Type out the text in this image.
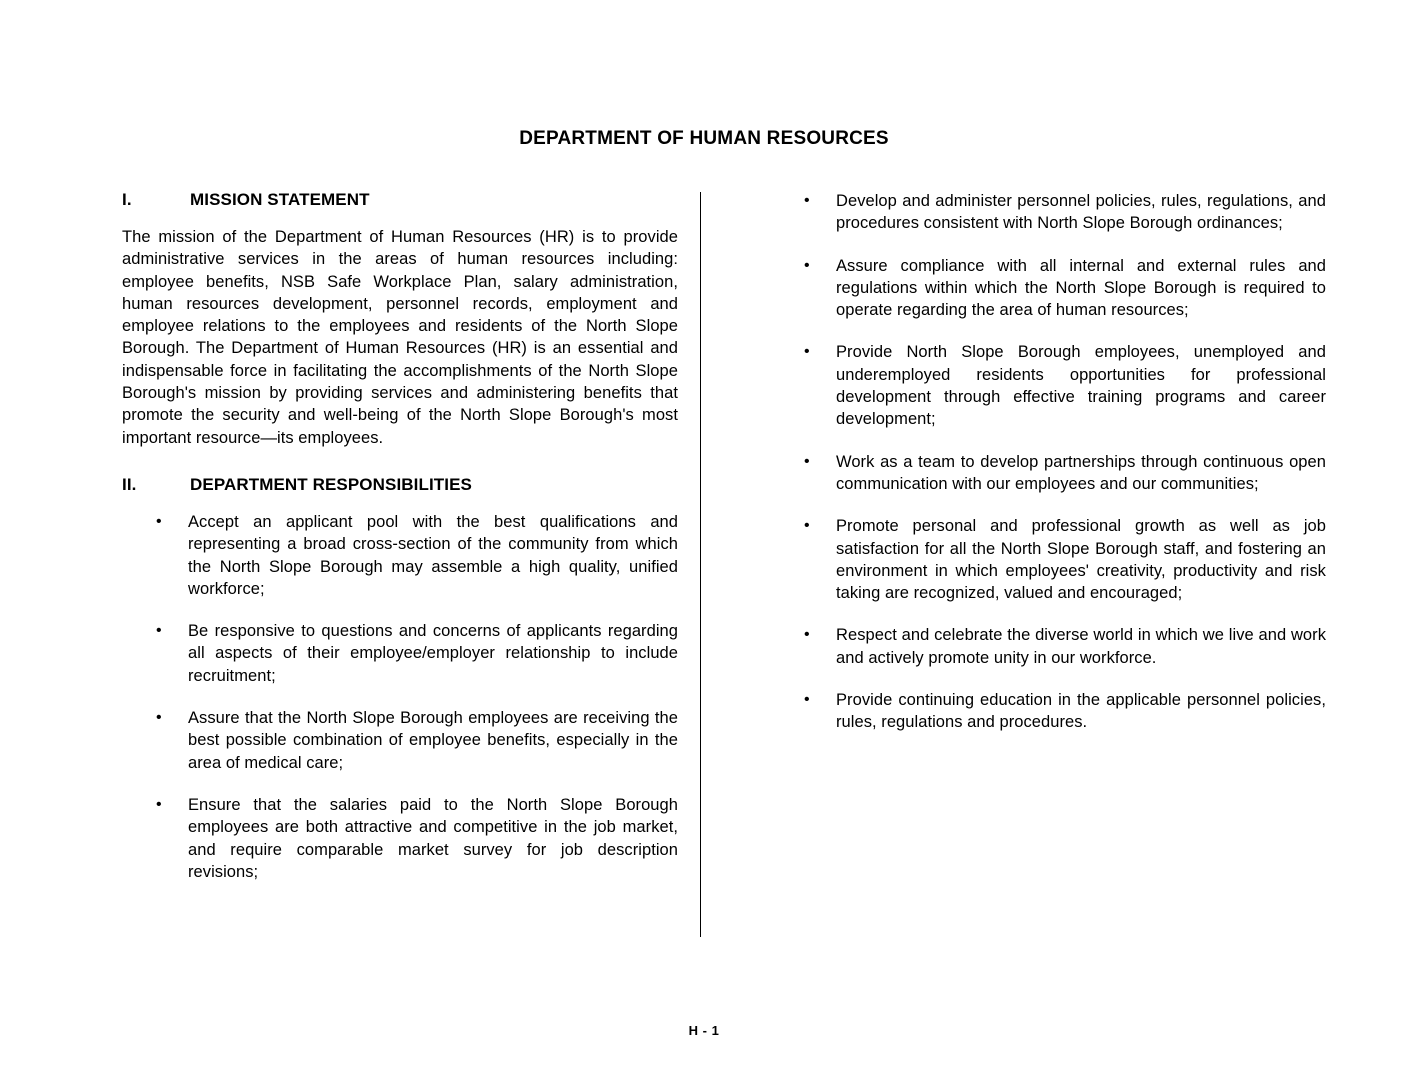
DEPARTMENT OF HUMAN RESOURCES
I.	MISSION STATEMENT

The mission of the Department of Human Resources (HR) is to provide administrative services in the areas of human resources including: employee benefits, NSB Safe Workplace Plan, salary administration, human resources development, personnel records, employment and employee relations to the employees and residents of the North Slope Borough. The Department of Human Resources (HR) is an essential and indispensable force in facilitating the accomplishments of the North Slope Borough's mission by providing services and administering benefits that promote the security and well-being of the North Slope Borough's most important resource—its employees.

II.	DEPARTMENT RESPONSIBILITIES
• Accept an applicant pool with the best qualifications and representing a broad cross-section of the community from which the North Slope Borough may assemble a high quality, unified workforce;
• Be responsive to questions and concerns of applicants regarding all aspects of their employee/employer relationship to include recruitment;
• Assure that the North Slope Borough employees are receiving the best possible combination of employee benefits, especially in the area of medical care;
• Ensure that the salaries paid to the North Slope Borough employees are both attractive and competitive in the job market, and require comparable market survey for job description revisions;
• Develop and administer personnel policies, rules, regulations, and procedures consistent with North Slope Borough ordinances;
• Assure compliance with all internal and external rules and regulations within which the North Slope Borough is required to operate regarding the area of human resources;
• Provide North Slope Borough employees, unemployed and underemployed residents opportunities for professional development through effective training programs and career development;
• Work as a team to develop partnerships through continuous open communication with our employees and our communities;
• Promote personal and professional growth as well as job satisfaction for all the North Slope Borough staff, and fostering an environment in which employees' creativity, productivity and risk taking are recognized, valued and encouraged;
• Respect and celebrate the diverse world in which we live and work and actively promote unity in our workforce.
• Provide continuing education in the applicable personnel policies, rules, regulations and procedures.
H - 1
